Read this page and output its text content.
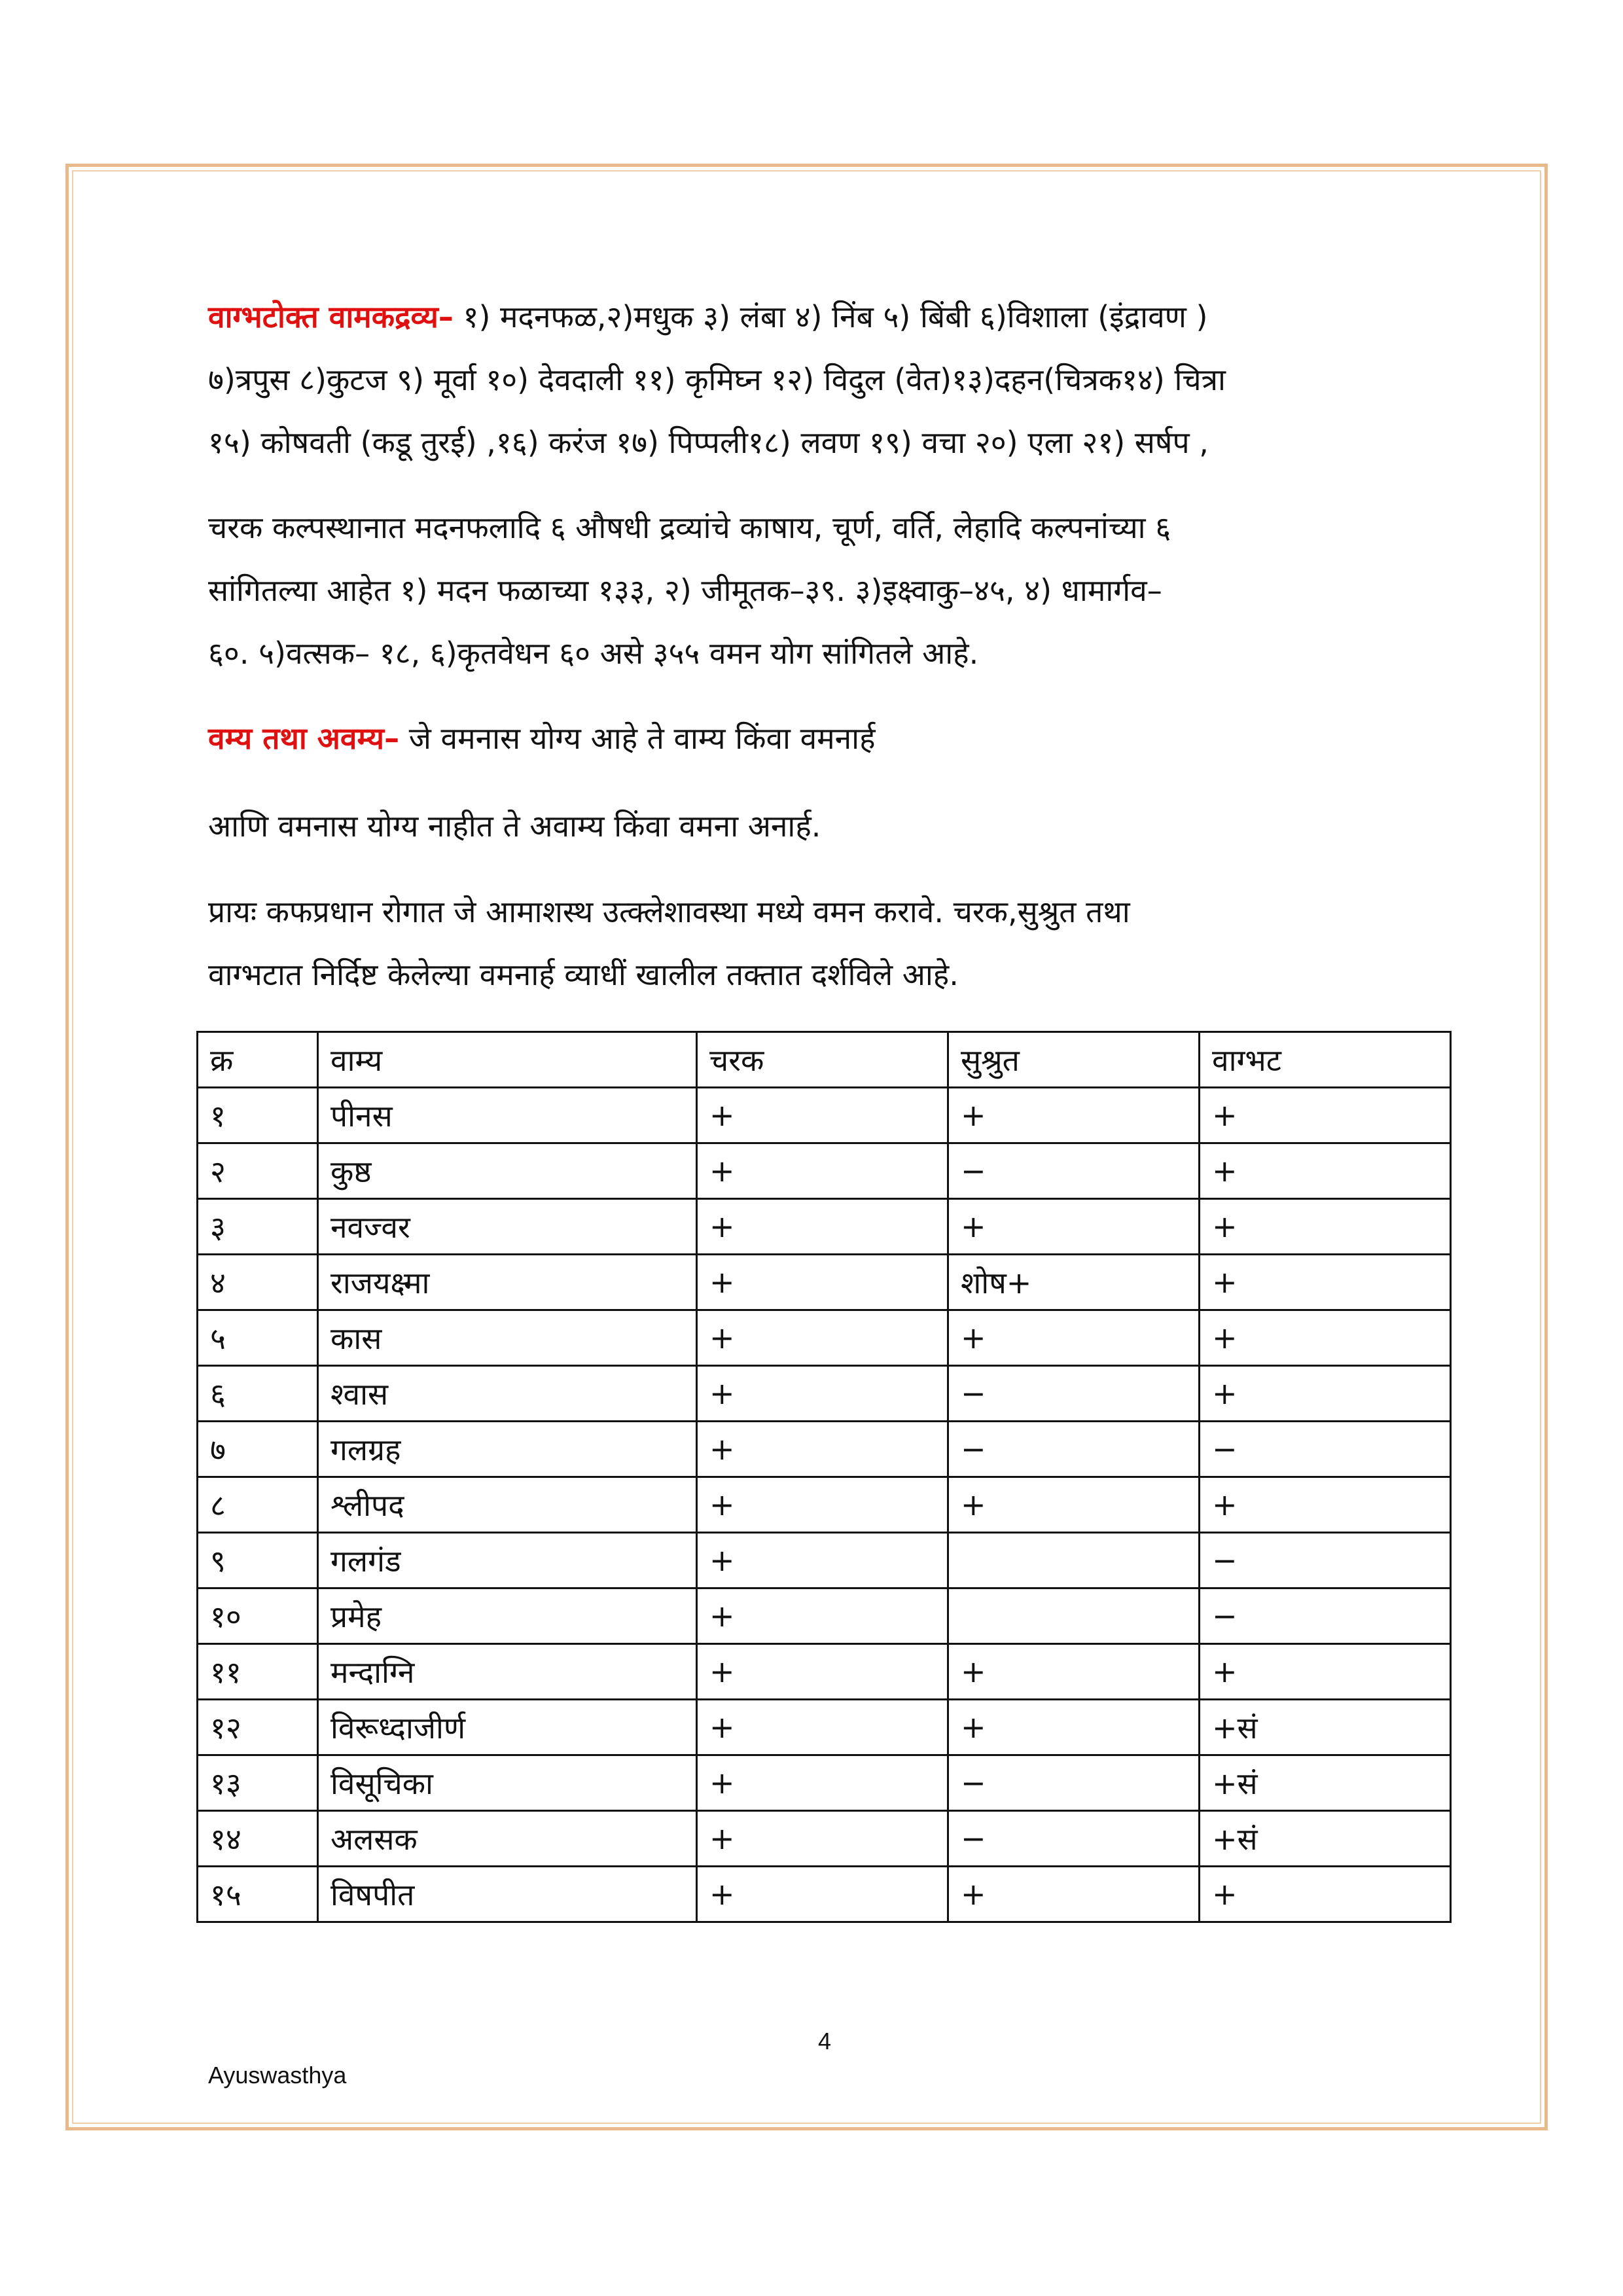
वाग्भटोक्त वामकद्रव्य– १) मदनफळ,२)मधुक ३) लंबा ४) निंब ५) बिंबी ६)विशाला (इंद्रावण )
७)त्रपुस ८)कुटज ९) मूर्वा १०) देवदाली ११) कृमिघ्न १२) विदुल (वेत)१३)दहन(चित्रक१४) चित्रा
१५) कोषवती (कडू तुरई) ,१६) करंज १७) पिप्पली१८) लवण १९) वचा २०) एला २१) सर्षप ,
चरक कल्पस्थानात मदनफलादि ६ औषधी द्रव्यांचे काषाय, चूर्ण, वर्ति, लेहादि कल्पनांच्या ६
सांगितल्या आहेत १) मदन फळाच्या १३३, २) जीमूतक–३९. ३)इक्ष्वाकु–४५, ४) धामार्गव–
६०. ५)वत्सक– १८, ६)कृतवेधन ६० असे ३५५ वमन योग सांगितले आहे.
वम्य तथा अवम्य– जे वमनास योग्य आहे ते वाम्य किंवा वमनार्ह
आणि वमनास योग्य नाहीत ते अवाम्य किंवा वमना अनार्ह.
प्रायः कफप्रधान रोगात जे आमाशस्थ उत्क्लेशावस्था मध्ये वमन करावे. चरक,सुश्रुत तथा
वाग्भटात निर्दिष्ट केलेल्या वमनार्ह व्याधीं खालील तक्तात दर्शविले आहे.
क्र	वाम्य	चरक	सुश्रुत	वाग्भट
१	पीनस	+	+	+
२	कुष्ठ	+	−	+
३	नवज्वर	+	+	+
४	राजयक्ष्मा	+	शोष+	+
५	कास	+	+	+
६	श्वास	+	−	+
७	गलग्रह	+	−	−
८	श्लीपद	+	+	+
९	गलगंड	+		−
१०	प्रमेह	+		−
११	मन्दाग्नि	+	+	+
१२	विरूध्दाजीर्ण	+	+	+सं
१३	विसूचिका	+	−	+सं
१४	अलसक	+	−	+सं
१५	विषपीत	+	+	+
4
Ayuswasthya
